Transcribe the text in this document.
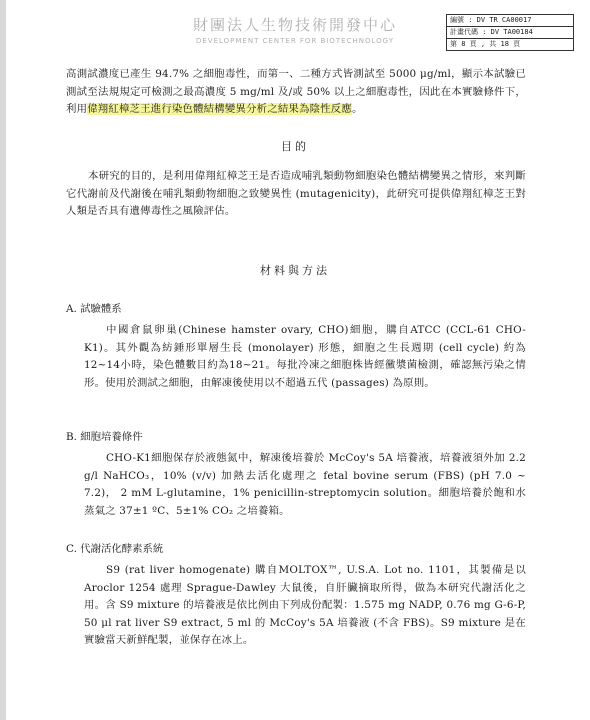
財團法人生物技術開發中心
DEVELOPMENT CENTER FOR BIOTECHNOLOGY
編號 : DV TR CA00017
計畫代碼 : DV TA00184
第 8 頁 , 共 18 頁
高測試濃度已產生 94.7% 之細胞毒性，而第一、二種方式皆測試至 5000 μg/ml，顯示本試驗已測試至法規規定可檢測之最高濃度 5 mg/ml 及/或 50% 以上之細胞毒性，因此在本實驗條件下，利用偉翔紅樟芝王進行染色體結構變異分析之結果為陰性反應。
目的
本研究的目的，是利用偉翔紅樟芝王是否造成哺乳類動物細胞染色體結構變異之情形，來判斷它代謝前及代謝後在哺乳類動物細胞之致變異性 (mutagenicity)，此研究可提供偉翔紅樟芝王對人類是否具有遺傳毒性之風險評估。
材料與方法
A. 試驗體系
中國倉鼠卵巢(Chinese hamster ovary, CHO)細胞，購自ATCC (CCL-61 CHO-K1)。其外觀為紡錘形單層生長 (monolayer) 形態，細胞之生長週期 (cell cycle) 約為12~14小時，染色體數目約為18~21。每批冷凍之細胞株皆經黴漿菌檢測，確認無污染之情形。使用於測試之細胞，由解凍後使用以不超過五代 (passages) 為原則。
B. 細胞培養條件
CHO-K1細胞保存於液態氮中，解凍後培養於 McCoy's 5A 培養液，培養液須外加 2.2 g/l NaHCO₃，10% (v/v) 加熱去活化處理之 fetal bovine serum (FBS) (pH 7.0 ~ 7.2)， 2 mM L-glutamine，1% penicillin-streptomycin solution。細胞培養於飽和水蒸氣之 37±1 ºC、5±1% CO₂ 之培養箱。
C. 代謝活化酵素系統
S9 (rat liver homogenate) 購自MOLTOX™, U.S.A. Lot no. 1101，其製備是以 Aroclor 1254 處理 Sprague-Dawley 大鼠後，自肝臟摘取所得，做為本研究代謝活化之用。含 S9 mixture 的培養液是依比例由下列成份配製：1.575 mg NADP, 0.76 mg G-6-P, 50 μl rat liver S9 extract, 5 ml 的 McCoy's 5A 培養液 (不含 FBS)。S9 mixture 是在實驗當天新鮮配製，並保存在冰上。
